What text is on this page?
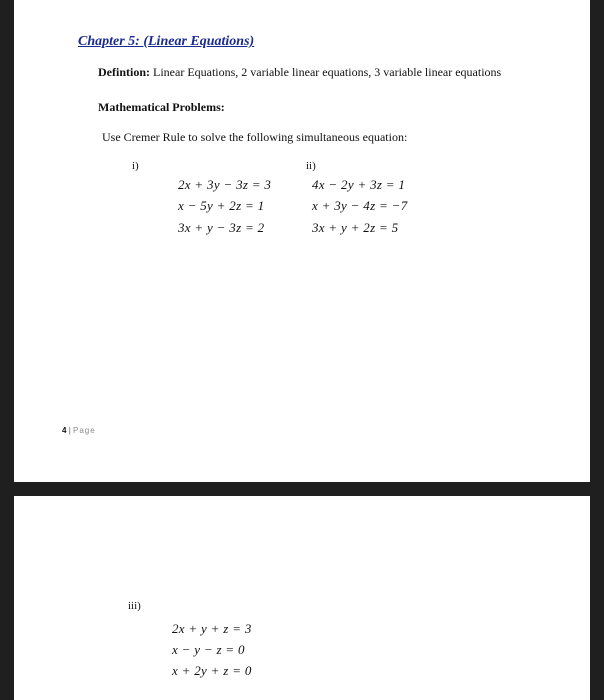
Chapter 5: (Linear Equations)
Defintion: Linear Equations, 2 variable linear equations, 3 variable linear equations
Mathematical Problems:
Use Cremer Rule to solve the following simultaneous equation:
i)
2x + 3y − 3z = 3
x − 5y + 2z = 1
3x + y − 3z = 2
ii)
4x − 2y + 3z = 1
x + 3y − 4z = −7
3x + y + 2z = 5
4 | Page
iii)
2x + y + z = 3
x − y − z = 0
x + 2y + z = 0
